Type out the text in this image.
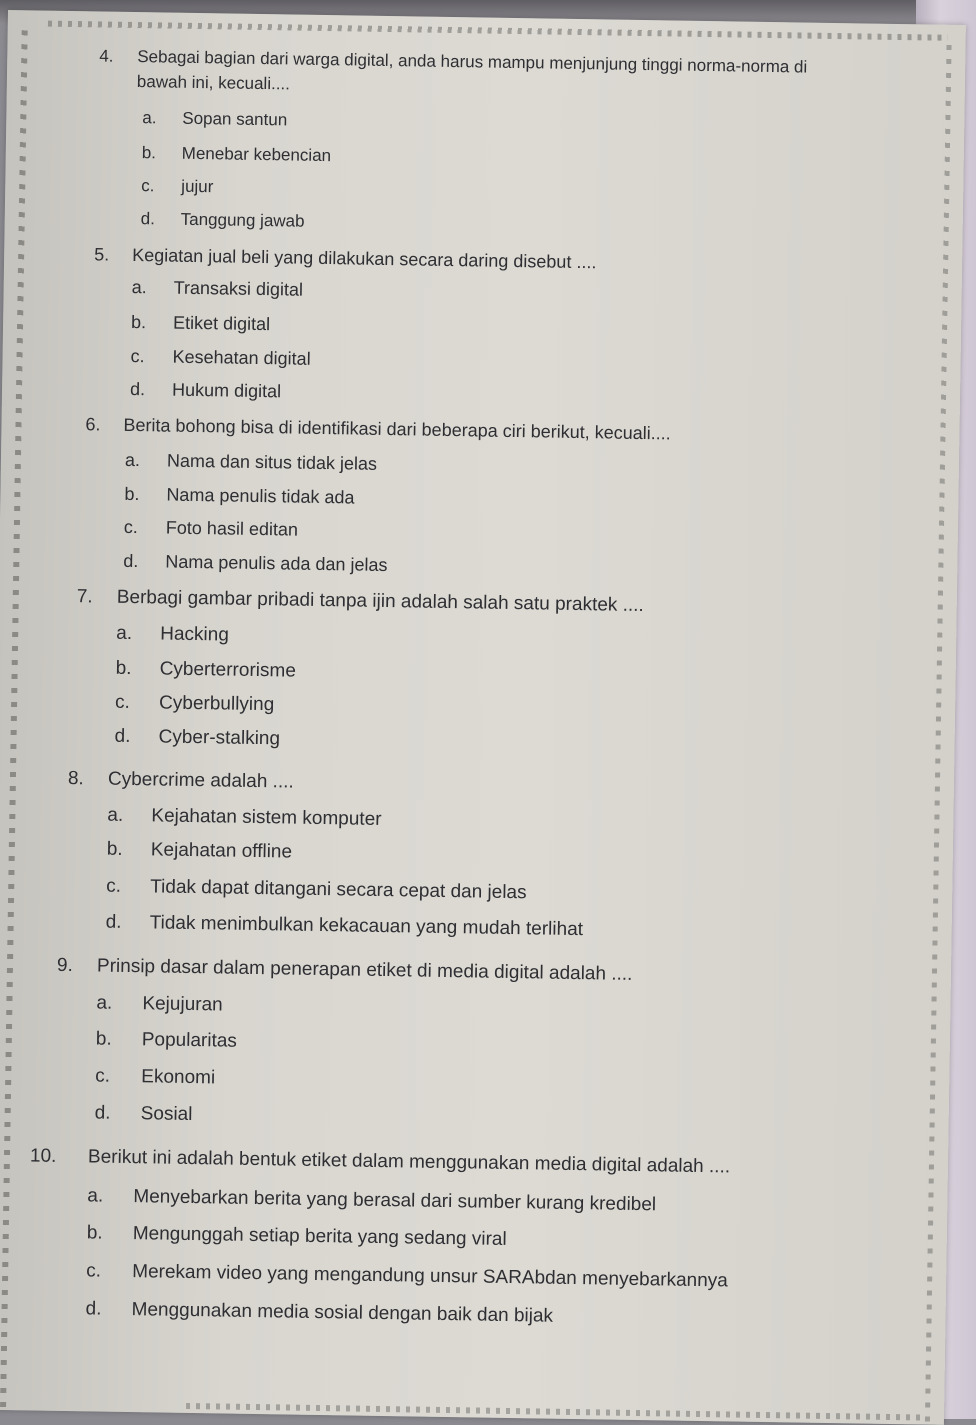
4. Sebagai bagian dari warga digital, anda harus mampu menjunjung tinggi norma-norma di
bawah ini, kecuali....
a. Sopan santun
b. Menebar kebencian
c. jujur
d. Tanggung jawab
5. Kegiatan jual beli yang dilakukan secara daring disebut ....
a. Transaksi digital
b. Etiket digital
c. Kesehatan digital
d. Hukum digital
6. Berita bohong bisa di identifikasi dari beberapa ciri berikut, kecuali....
a. Nama dan situs tidak jelas
b. Nama penulis tidak ada
c. Foto hasil editan
d. Nama penulis ada dan jelas
7. Berbagi gambar pribadi tanpa ijin adalah salah satu praktek ....
a. Hacking
b. Cyberterrorisme
c. Cyberbullying
d. Cyber-stalking
8. Cybercrime adalah ....
a. Kejahatan sistem komputer
b. Kejahatan offline
c. Tidak dapat ditangani secara cepat dan jelas
d. Tidak menimbulkan kekacauan yang mudah terlihat
9. Prinsip dasar dalam penerapan etiket di media digital adalah ....
a. Kejujuran
b. Popularitas
c. Ekonomi
d. Sosial
10. Berikut ini adalah bentuk etiket dalam menggunakan media digital adalah ....
a. Menyebarkan berita yang berasal dari sumber kurang kredibel
b. Mengunggah setiap berita yang sedang viral
c. Merekam video yang mengandung unsur SARAbdan menyebarkannya
d. Menggunakan media sosial dengan baik dan bijak
